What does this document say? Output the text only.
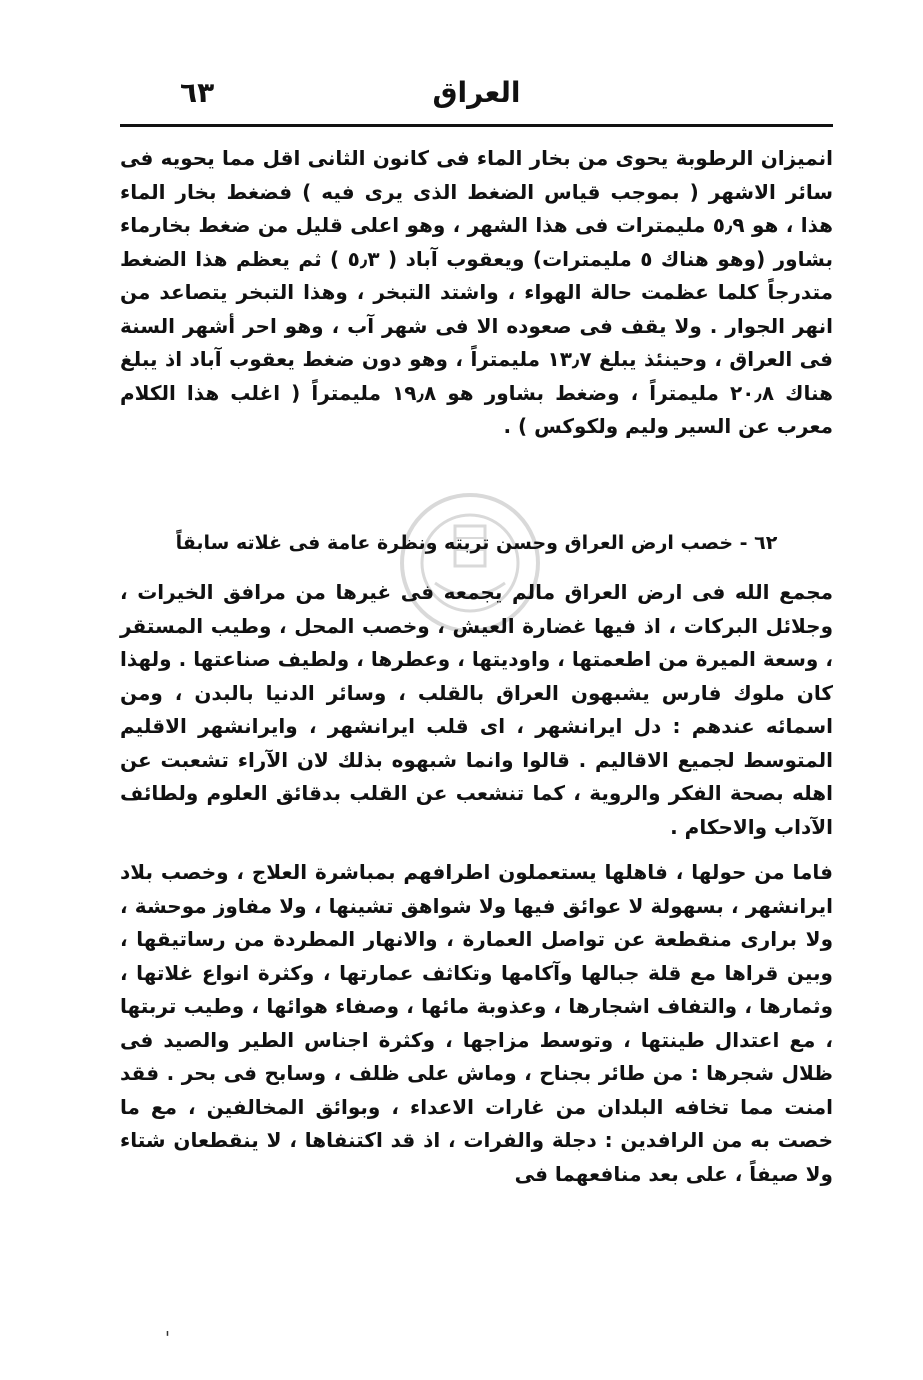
العراق
٦٣

انميزان الرطوبة يحوى من بخار الماء فى كانون الثانى اقل مما يحويه فى سائر الاشهر ( بموجب قياس الضغط الذى يرى فيه ) فضغط بخار الماء هذا ، هو ٥٫٩ مليمترات فى هذا الشهر ، وهو اعلى قليل من ضغط بخارماء بشاور (وهو هناك ٥ مليمترات) ويعقوب آباد ( ٥٫٣ ) ثم يعظم هذا الضغط متدرجاً كلما عظمت حالة الهواء ، واشتد التبخر ، وهذا التبخر يتصاعد من انهر الجوار . ولا يقف فى صعوده الا فى شهر آب ، وهو احر أشهر السنة فى العراق ، وحينئذ يبلغ ١٣٫٧ مليمتراً ، وهو دون ضغط يعقوب آباد اذ يبلغ هناك ٢٠٫٨ مليمتراً ، وضغط بشاور هو ١٩٫٨ مليمتراً ( اغلب هذا الكلام معرب عن السير وليم ولكوكس ) .

٦٢ - خصب ارض العراق وحسن تربته ونظرة عامة فى غلاته سابقاً

مجمع الله فى ارض العراق مالم يجمعه فى غيرها من مرافق الخيرات ، وجلائل البركات ، اذ فيها غضارة العيش ، وخصب المحل ، وطيب المستقر ، وسعة الميرة من اطعمتها ، واوديتها ، وعطرها ، ولطيف صناعتها . ولهذا كان ملوك فارس يشبهون العراق بالقلب ، وسائر الدنيا بالبدن ، ومن اسمائه عندهم : دل ايرانشهر ، اى قلب ايرانشهر ، وايرانشهر الاقليم المتوسط لجميع الاقاليم . قالوا وانما شبهوه بذلك لان الآراء تشعبت عن اهله بصحة الفكر والروية ، كما تنشعب عن القلب بدقائق العلوم ولطائف الآداب والاحكام .

فاما من حولها ، فاهلها يستعملون اطرافهم بمباشرة العلاج ، وخصب بلاد ايرانشهر ، بسهولة لا عوائق فيها ولا شواهق تشينها ، ولا مفاوز موحشة ، ولا برارى منقطعة عن تواصل العمارة ، والانهار المطردة من رساتيقها ، وبين قراها مع قلة جبالها وآكامها وتكاثف عمارتها ، وكثرة انواع غلاتها ، وثمارها ، والتفاف اشجارها ، وعذوبة مائها ، وصفاء هوائها ، وطيب تربتها ، مع اعتدال طينتها ، وتوسط مزاجها ، وكثرة اجناس الطير والصيد فى ظلال شجرها : من طائر بجناح ، وماش على ظلف ، وسابح فى بحر . فقد امنت مما تخافه البلدان من غارات الاعداء ، وبوائق المخالفين ، مع ما خصت به من الرافدين : دجلة والفرات ، اذ قد اكتنفاها ، لا ينقطعان شتاء ولا صيفاً ، على بعد منافعهما فى

'
